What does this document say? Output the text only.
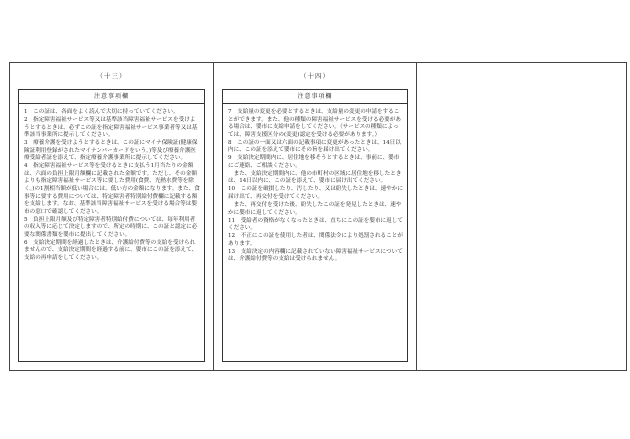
（十三）
注意事項欄

1　この証は、各面をよく読んで大切に持っていてください。

2　指定障害福祉サービス等又は基準該当障害福祉サービスを受けようとするときは、必ずこの証を指定障害福祉サービス事業者等又は基準該当事業所に提示してください。

3　療養介護を受けようとするときは、この証にマイナ保険証(健康保険証利用登録がされたマイナンバーカードをいう。)等及び療養介護医療受給者証を添えて、指定療養介護事業所に提示してください。

4　指定障害福祉サービス等を受けるときに支払う1月当たりの金額は、六面の負担上限月額欄に記載された金額です。ただし、その金額よりも指定障害福祉サービス等に要した費用(食費、光熱水費等を除く。)の1割相当額が低い場合には、低い方の金額になります。また、食事等に要する費用については、特定障害者特別給付費欄に記載する額を支給します。なお、基準該当障害福祉サービスを受ける場合等は嬰市の窓口で確認してください。

5　負担上限月額及び特定障害者特別給付費については、毎年利用者の収入等に応じて決定しますので、所定の時期に、この証と認定に必要な関係書類を嬰市に提出してください。

6　支給決定期間を経過したときは、介護給付費等の支給を受けられませんので、支給決定期間を経過する前に、嬰市にこの証を添えて、支給の再申請をしてください。

（十四）
注意事項欄

7　支給量の変更を必要とするときは、支給量の変更の申請をすることができます。また、他の種類の障害福祉サービスを受ける必要がある場合は、嬰市に支給申請をしてください。（サービスの種類によっては、障害支援区分の(変更)認定を受ける必要があります。）

8　この証の一面又は六面の記載事項に変更があったときは、14日以内に、この証を添えて嬰市にその旨を届け出てください。

9　支給決定期間内に、居住地を移そうとするときは、事前に、嬰市にご連絡、ご相談ください。

　また、支給決定期間内に、他の市町村の区域に居住地を移したときは、14日以内に、この証を添えて、嬰市に届け出てください。

10　この証を破損したり、汚したり、又は紛失したときは、速やかに届け出て、再交付を受けてください。

　また、再交付を受けた後、紛失したこの証を発見したときは、速やかに嬰市に返してください。

11　受給者の資格がなくなったときは、直ちにこの証を嬰市に返してください。

12　不正にこの証を使用した者は、関係法令により処罰されることがあります。

13　支給決定の内容欄に記載されていない障害福祉サービスについては、介護給付費等の支給は受けられません。
